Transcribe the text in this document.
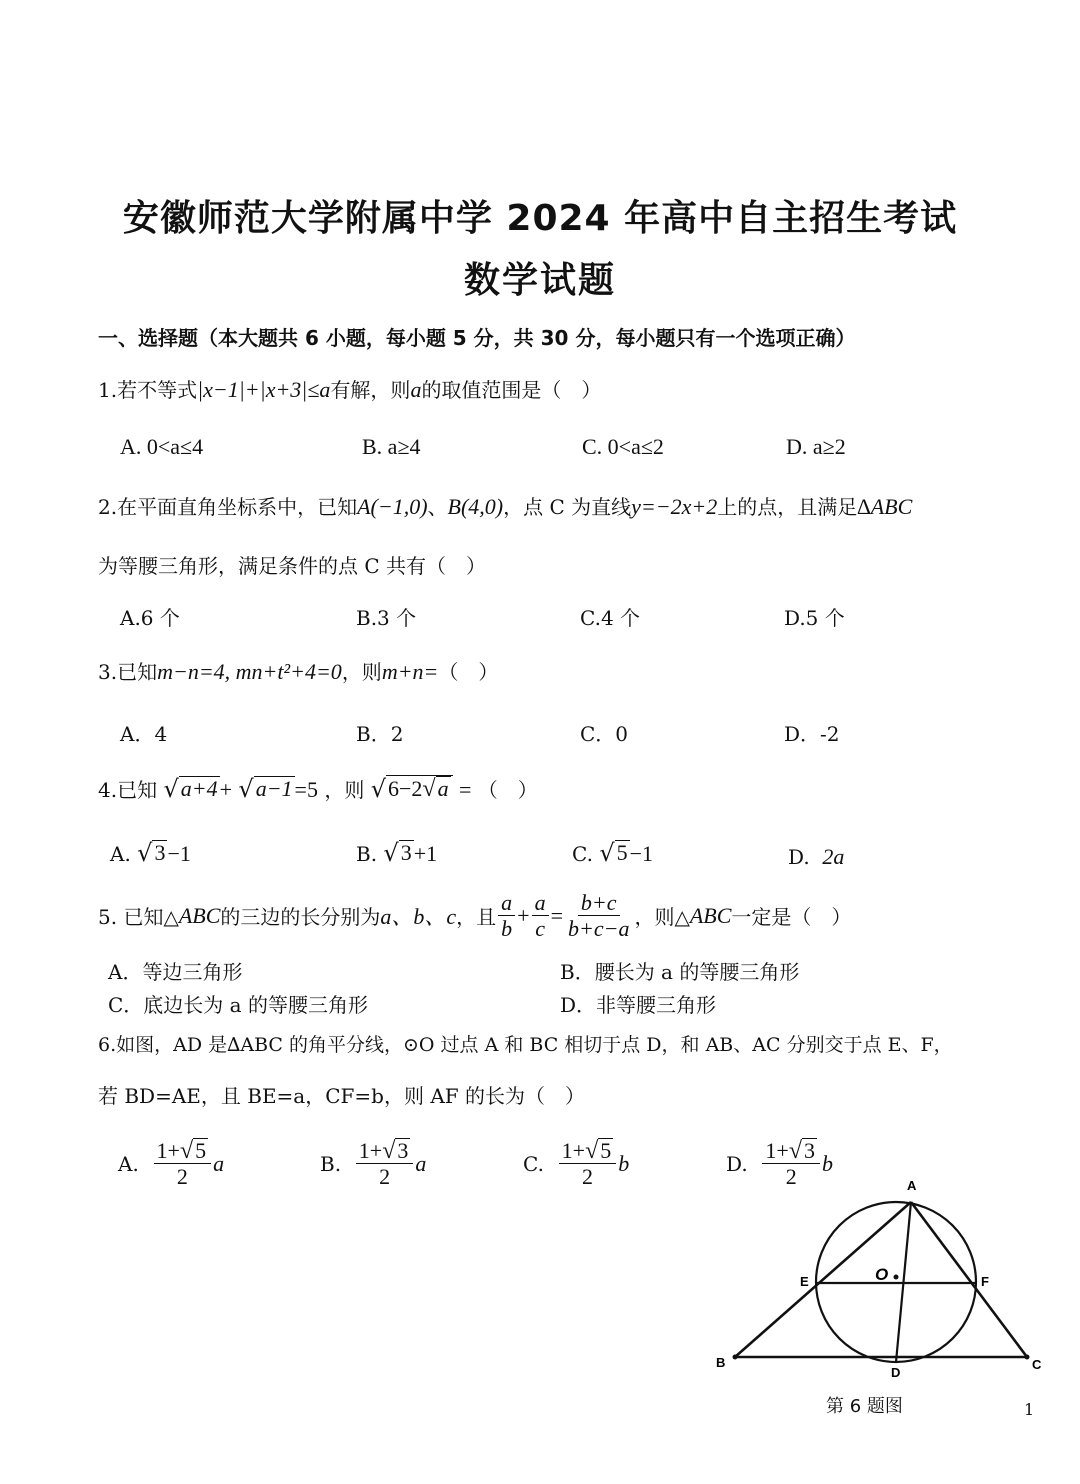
安徽师范大学附属中学 2024 年高中自主招生考试
数学试题
一、选择题（本大题共 6 小题，每小题 5 分，共 30 分，每小题只有一个选项正确）
1.若不等式|x−1|+|x+3|≤a有解，则a的取值范围是（　）
A. 0<a≤4	B. a≥4	C. 0<a≤2	D. a≥2
2.在平面直角坐标系中，已知A(−1,0)、B(4,0)，点 C 为直线y=−2x+2上的点，且满足∆ABC
为等腰三角形，满足条件的点 C 共有（　）
A.6 个	B.3 个	C.4 个	D.5 个
3.已知m−n=4, mn+t²+4=0，则m+n=（　）
A．4	B．2	C．0	D．-2
4.已知 √ a+4 + √ a−1 =5 ，则 √ 6−2 √ a = （　）
A. √ 3 −1	B. √ 3 +1	C. √ 5 −1	D. 2a
5. 已知△ ABC 的三边的长分别为 a、b、c ，且 $\frac{a}{b} + \frac{a}{c} = \frac{b+c}{b+c-a}$ ，则△ ABC 一定是（　）
A．等边三角形	B．腰长为 a 的等腰三角形
C．底边长为 a 的等腰三角形	D．非等腰三角形
6.如图，AD 是∆ABC 的角平分线，⊙O 过点 A 和 BC 相切于点 D，和 AB、AC 分别交于点 E、F，
若 BD=AE，且 BE=a，CF=b，则 AF 的长为（　）
A.
$\frac{1+ √ 5}{2}$ a	B.
$\frac{1+ √ 3}{2}$ a	C.
$\frac{1+ √ 5}{2}$ b	D.
$\frac{1+ √ 3}{2}$ b
A
B	C
D
E	F
O
第 6 题图	1
